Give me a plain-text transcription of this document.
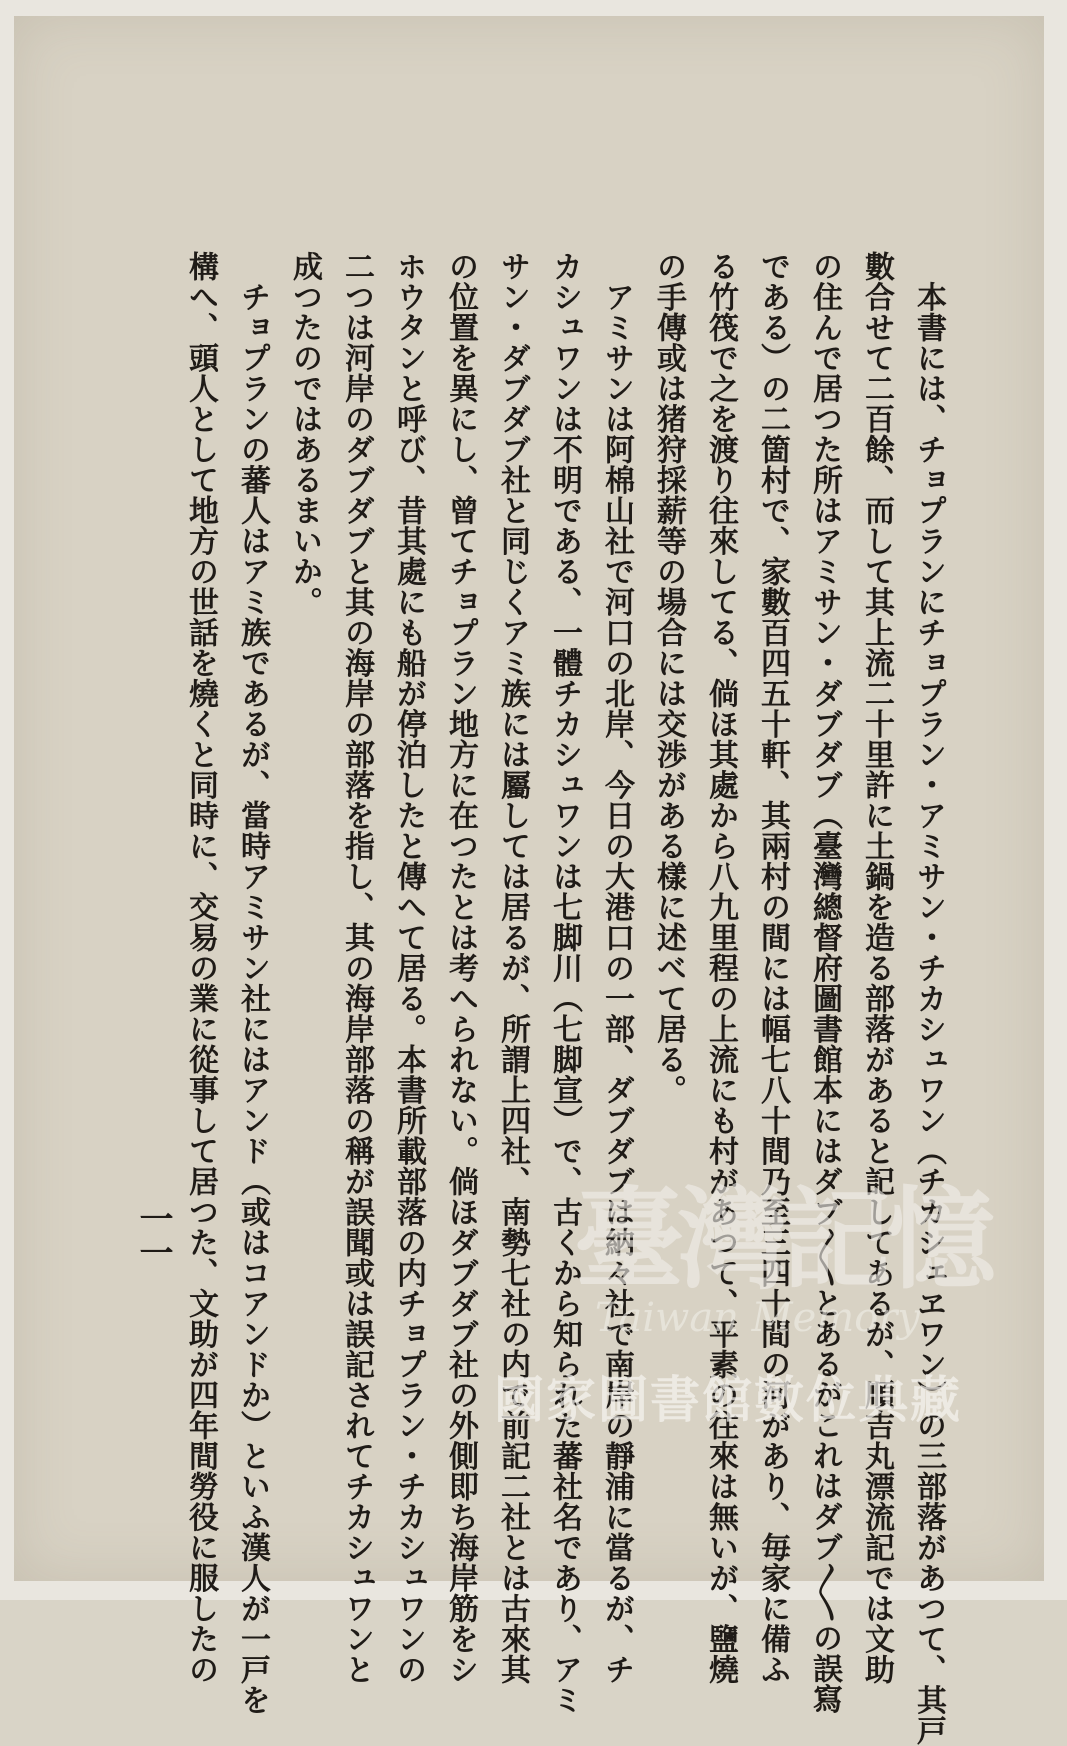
　本書には、チョプランにチョプラン・アミサン・チカシュワン（チカシェヱワン）の三部落があつて、其戸
數合せて二百餘、而して其上流二十里許に土鍋を造る部落があると記してあるが、順吉丸漂流記では文助
の住んで居つた所はアミサン・ダブダブ（臺灣總督府圖書館本にはダブ〳〵とあるがこれはダブ〳〵の誤寫
である）の二箇村で、家數百四五十軒、其兩村の間には幅七八十間乃至三四十間の河があり、毎家に備ふ
る竹筏で之を渡り往來してる、倘ほ其處から八九里程の上流にも村があつて、平素の往來は無いが、鹽燒
の手傳或は猪狩採薪等の場合には交渉がある樣に述べて居る。
　アミサンは阿棉山社で河口の北岸、今日の大港口の一部、ダブダブは納々社で南岸の靜浦に當るが、チ
カシュワンは不明である、一體チカシュワンは七脚川（七脚宣）で、古くから知られた蕃社名であり、アミ
サン・ダブダブ社と同じくアミ族には屬しては居るが、所謂上四社、南勢七社の内で前記二社とは古來其
の位置を異にし、曾てチョプラン地方に在つたとは考へられない。倘ほダブダブ社の外側即ち海岸筋をシ
ホウタンと呼び、昔其處にも船が停泊したと傳へて居る。本書所載部落の内チョプラン・チカシュワンの
二つは河岸のダブダブと其の海岸の部落を指し、其の海岸部落の稱が誤聞或は誤記されてチカシュワンと
成つたのではあるまいか。
　チョプランの蕃人はアミ族であるが、當時アミサン社にはアンド（或はコアンドか）といふ漢人が一戸を
構へ、頭人として地方の世話を燒くと同時に、交易の業に從事して居つた、文助が四年間勞役に服したの
一一	臺灣記憶
Taiwan Memory
國家圖書館數位典藏
